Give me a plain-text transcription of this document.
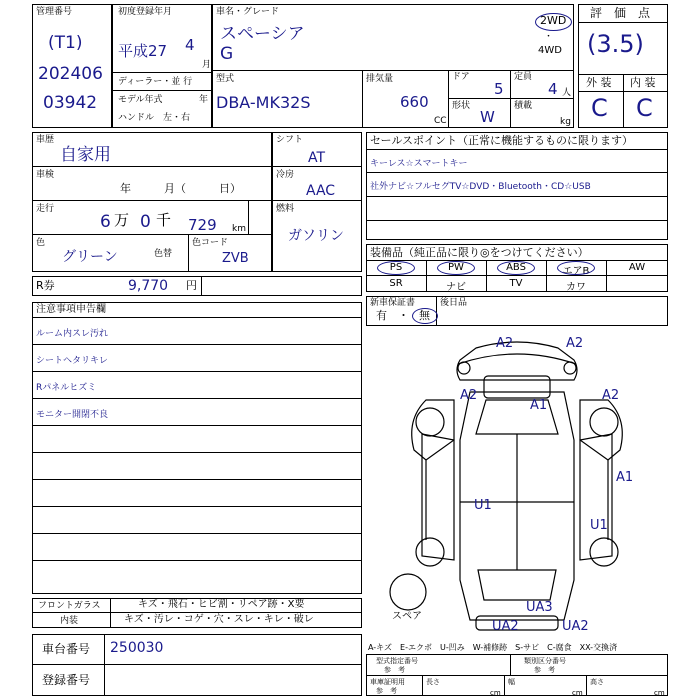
管理番号
(T1)
202406
03942
初度登録年月
平成27 4
月
ディーラー・並 行
モデル年式	年
ハンドル　左・右
車名・グレード
スペーシア
G
型式
DBA-MK32S
排気量
660
CC
ドア
5
定員
4 人
形状
W
積載
kg
2WD
・
4WD
評　価　点
(3.5)
外 装 内 装
C C
車歴
自家用
車検
年　　　月（　　　日）
走行
6 万 0 千 729 km
色
グリーン	色替
色コード
ZVB
シフト
AT
冷房
AAC
燃料
ガソリン
セールスポイント（正常に機能するものに限ります）
キーレス☆スマートキー
社外ナビ☆フルセグTV☆DVD・Bluetooth・CD☆USB
装備品（純正品に限り◎をつけてください）
PS	PW	ABS	エアB	AW
SR	ナビ	TV	カワ
R券	9,770 円
新車保証書
有　・ 無
後日品
注意事項申告欄
ルーム内スレ汚れ
シートヘタリキレ
Rパネルヒズミ
モニター開閉不良
A2	A2
A2
A1
A2
A1
U1
U1
UA3
UA2	UA2
スペア
フロントガラス	キズ・飛石・ヒビ割・リペア跡・X要
内装	キズ・汚レ・コゲ・穴・スレ・キレ・破レ
車台番号 250030
登録番号
A-キズ　E-エクボ　U-凹み　W-補修跡　S-サビ　C-腐食　XX-交換済
型式指定番号
参　考
類別区分番号
参　考
車庫証明用
参　考
長さ
cm
幅
cm
高さ
cm
